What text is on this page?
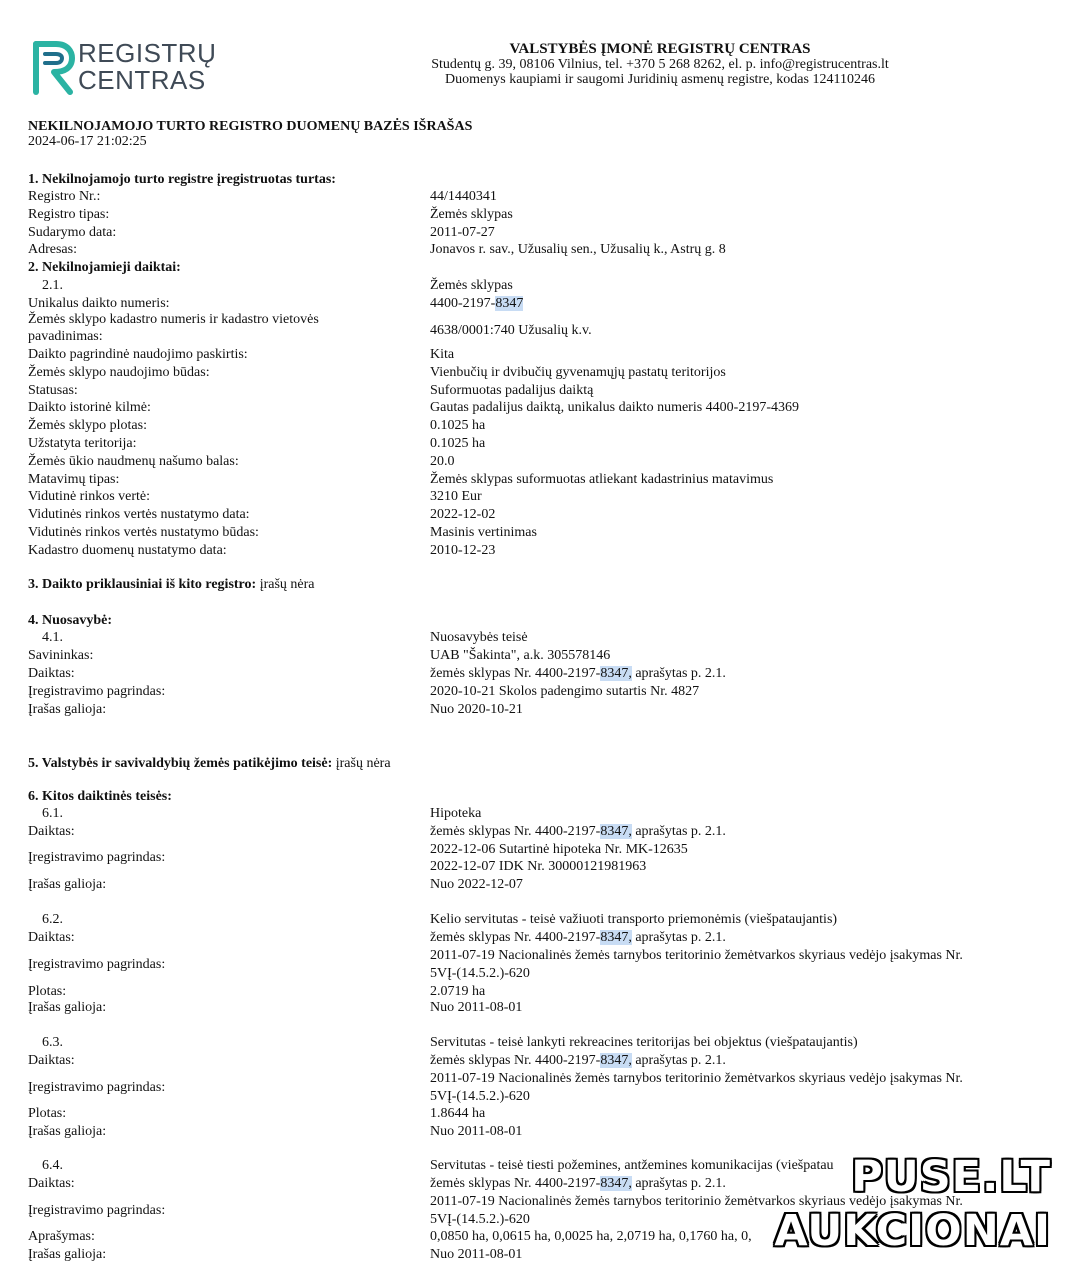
REGISTRŲ
CENTRAS
VALSTYBĖS ĮMONĖ REGISTRŲ CENTRAS
Studentų g. 39, 08106 Vilnius, tel. +370 5 268 8262, el. p. info@registrucentras.lt
Duomenys kaupiami ir saugomi Juridinių asmenų registre, kodas 124110246
NEKILNOJAMOJO TURTO REGISTRO DUOMENŲ BAZĖS IŠRAŠAS
2024-06-17 21:02:25
1. Nekilnojamojo turto registre įregistruotas turtas:
Registro Nr.:	44/1440341
Registro tipas:	Žemės sklypas
Sudarymo data:	2011-07-27
Adresas:	Jonavos r. sav., Užusalių sen., Užusalių k., Astrų g. 8
2. Nekilnojamieji daiktai:
2.1.	Žemės sklypas
Unikalus daikto numeris:	4400-2197-8347
Žemės sklypo kadastro numeris ir kadastro vietovės
pavadinimas:	4638/0001:740 Užusalių k.v.
Daikto pagrindinė naudojimo paskirtis:	Kita
Žemės sklypo naudojimo būdas:	Vienbučių ir dvibučių gyvenamųjų pastatų teritorijos
Statusas:	Suformuotas padalijus daiktą
Daikto istorinė kilmė:	Gautas padalijus daiktą, unikalus daikto numeris 4400-2197-4369
Žemės sklypo plotas:	0.1025 ha
Užstatyta teritorija:	0.1025 ha
Žemės ūkio naudmenų našumo balas:	20.0
Matavimų tipas:	Žemės sklypas suformuotas atliekant kadastrinius matavimus
Vidutinė rinkos vertė:	3210 Eur
Vidutinės rinkos vertės nustatymo data:	2022-12-02
Vidutinės rinkos vertės nustatymo būdas:	Masinis vertinimas
Kadastro duomenų nustatymo data:	2010-12-23
3. Daikto priklausiniai iš kito registro: įrašų nėra
4. Nuosavybė:
4.1.	Nuosavybės teisė
Savininkas:	UAB "Šakinta", a.k. 305578146
Daiktas:	žemės sklypas Nr. 4400-2197-8347, aprašytas p. 2.1.
Įregistravimo pagrindas:	2020-10-21 Skolos padengimo sutartis Nr. 4827
Įrašas galioja:	Nuo 2020-10-21
5. Valstybės ir savivaldybių žemės patikėjimo teisė: įrašų nėra
6. Kitos daiktinės teisės:
6.1.	Hipoteka
Daiktas:	žemės sklypas Nr. 4400-2197-8347, aprašytas p. 2.1.
Įregistravimo pagrindas:
2022-12-06 Sutartinė hipoteka Nr. MK-12635
2022-12-07 IDK Nr. 30000121981963
Įrašas galioja:	Nuo 2022-12-07
6.2.	Kelio servitutas - teisė važiuoti transporto priemonėmis (viešpataujantis)
Daiktas:	žemės sklypas Nr. 4400-2197-8347, aprašytas p. 2.1.
Įregistravimo pagrindas:
2011-07-19 Nacionalinės žemės tarnybos teritorinio žemėtvarkos skyriaus vedėjo įsakymas Nr.
5VĮ-(14.5.2.)-620
Plotas:	2.0719 ha
Įrašas galioja:	Nuo 2011-08-01
6.3.	Servitutas - teisė lankyti rekreacines teritorijas bei objektus (viešpataujantis)
Daiktas:	žemės sklypas Nr. 4400-2197-8347, aprašytas p. 2.1.
Įregistravimo pagrindas:
2011-07-19 Nacionalinės žemės tarnybos teritorinio žemėtvarkos skyriaus vedėjo įsakymas Nr.
5VĮ-(14.5.2.)-620
Plotas:	1.8644 ha
Įrašas galioja:	Nuo 2011-08-01
6.4.	Servitutas - teisė tiesti požemines, antžemines komunikacijas (viešpatau
Daiktas:	žemės sklypas Nr. 4400-2197-8347, aprašytas p. 2.1.
Įregistravimo pagrindas:
2011-07-19 Nacionalinės žemės tarnybos teritorinio žemėtvarkos skyriaus vedėjo įsakymas Nr.
5VĮ-(14.5.2.)-620
Aprašymas:	0,0850 ha, 0,0615 ha, 0,0025 ha, 2,0719 ha, 0,1760 ha, 0,
Įrašas galioja:	Nuo 2011-08-01
PUSE.LT
AUKCIONAI
